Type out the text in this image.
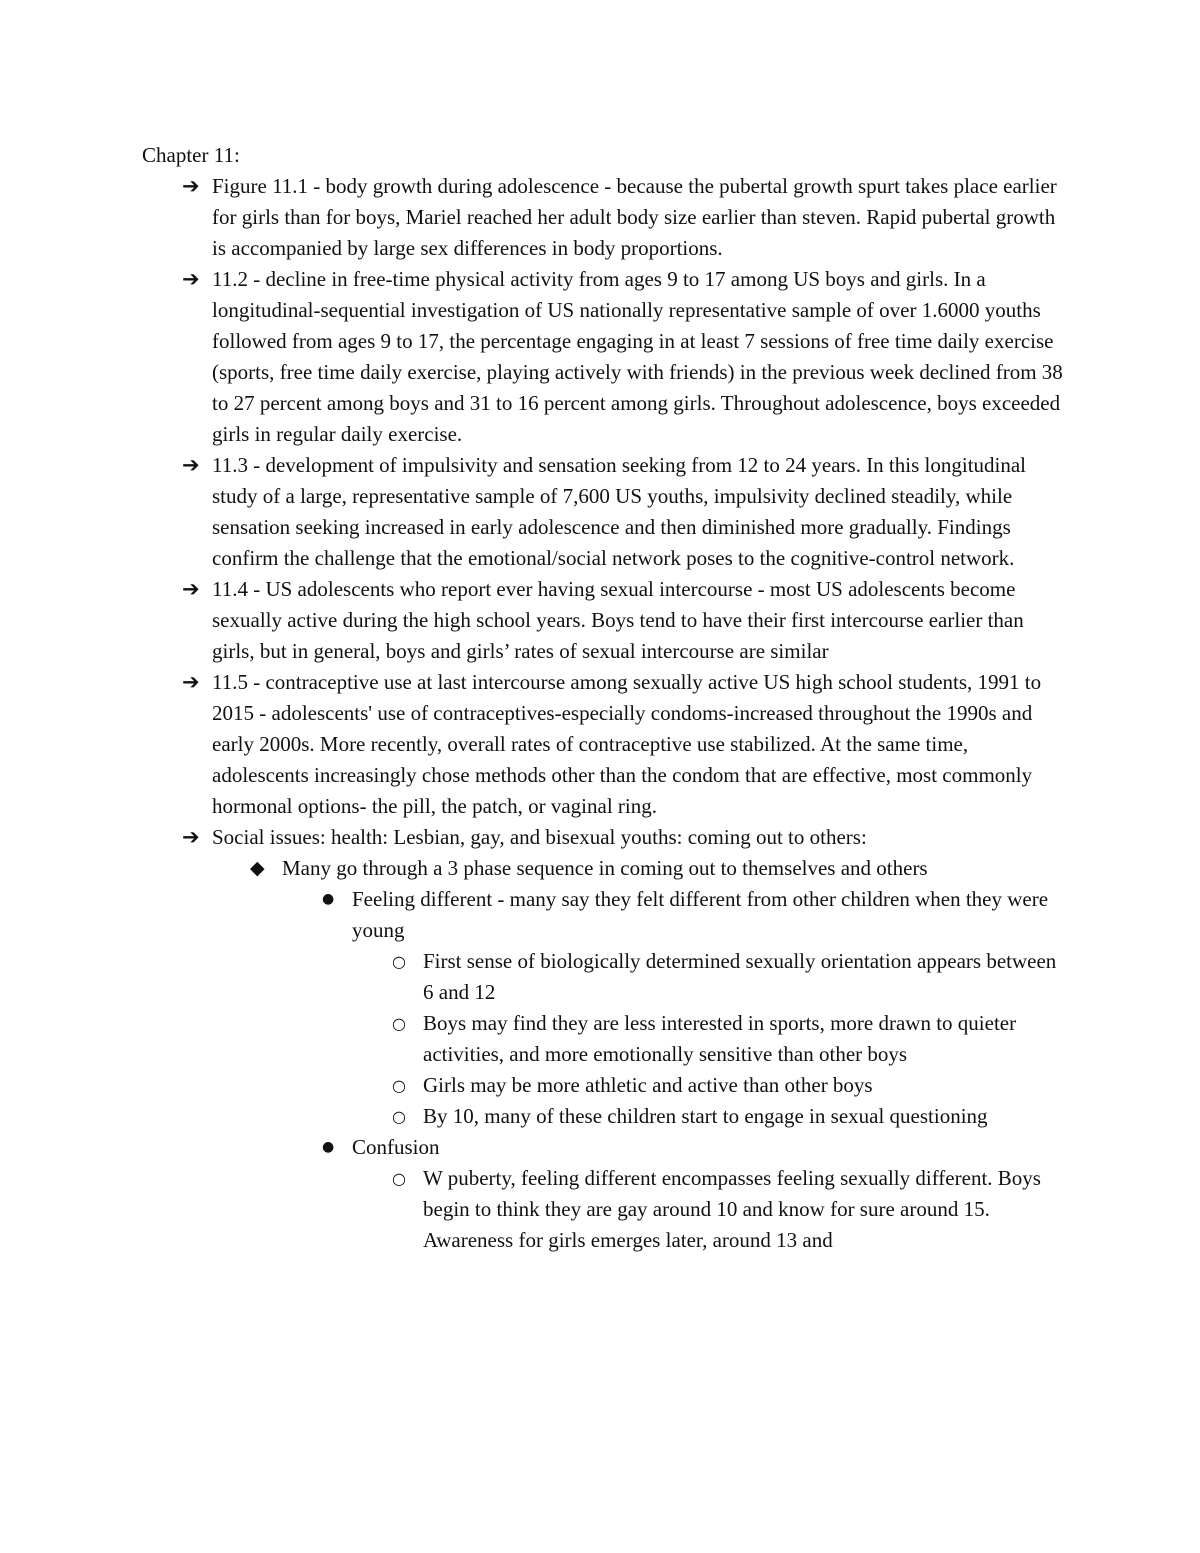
Chapter 11:

➔ Figure 11.1 - body growth during adolescence - because the pubertal growth spurt takes place earlier for girls than for boys, Mariel reached her adult body size earlier than steven. Rapid pubertal growth is accompanied by large sex differences in body proportions.
➔ 11.2 - decline in free-time physical activity from ages 9 to 17 among US boys and girls. In a longitudinal-sequential investigation of US nationally representative sample of over 1.6000 youths followed from ages 9 to 17, the percentage engaging in at least 7 sessions of free time daily exercise (sports, free time daily exercise, playing actively with friends) in the previous week declined from 38 to 27 percent among boys and 31 to 16 percent among girls. Throughout adolescence, boys exceeded girls in regular daily exercise.
➔ 11.3 - development of impulsivity and sensation seeking from 12 to 24 years. In this longitudinal study of a large, representative sample of 7,600 US youths, impulsivity declined steadily, while sensation seeking increased in early adolescence and then diminished more gradually. Findings confirm the challenge that the emotional/social network poses to the cognitive-control network.
➔ 11.4 - US adolescents who report ever having sexual intercourse - most US adolescents become sexually active during the high school years. Boys tend to have their first intercourse earlier than girls, but in general, boys and girls’ rates of sexual intercourse are similar
➔ 11.5 - contraceptive use at last intercourse among sexually active US high school students, 1991 to 2015 - adolescents' use of contraceptives-especially condoms-increased throughout the 1990s and early 2000s. More recently, overall rates of contraceptive use stabilized. At the same time, adolescents increasingly chose methods other than the condom that are effective, most commonly hormonal options- the pill, the patch, or vaginal ring.
➔ Social issues: health: Lesbian, gay, and bisexual youths: coming out to others:
◆ Many go through a 3 phase sequence in coming out to themselves and others
● Feeling different - many say they felt different from other children when they were young
○ First sense of biologically determined sexually orientation appears between 6 and 12
○ Boys may find they are less interested in sports, more drawn to quieter activities, and more emotionally sensitive than other boys
○ Girls may be more athletic and active than other boys
○ By 10, many of these children start to engage in sexual questioning
● Confusion
○ W puberty, feeling different encompasses feeling sexually different. Boys begin to think they are gay around 10 and know for sure around 15. Awareness for girls emerges later, around 13 and
